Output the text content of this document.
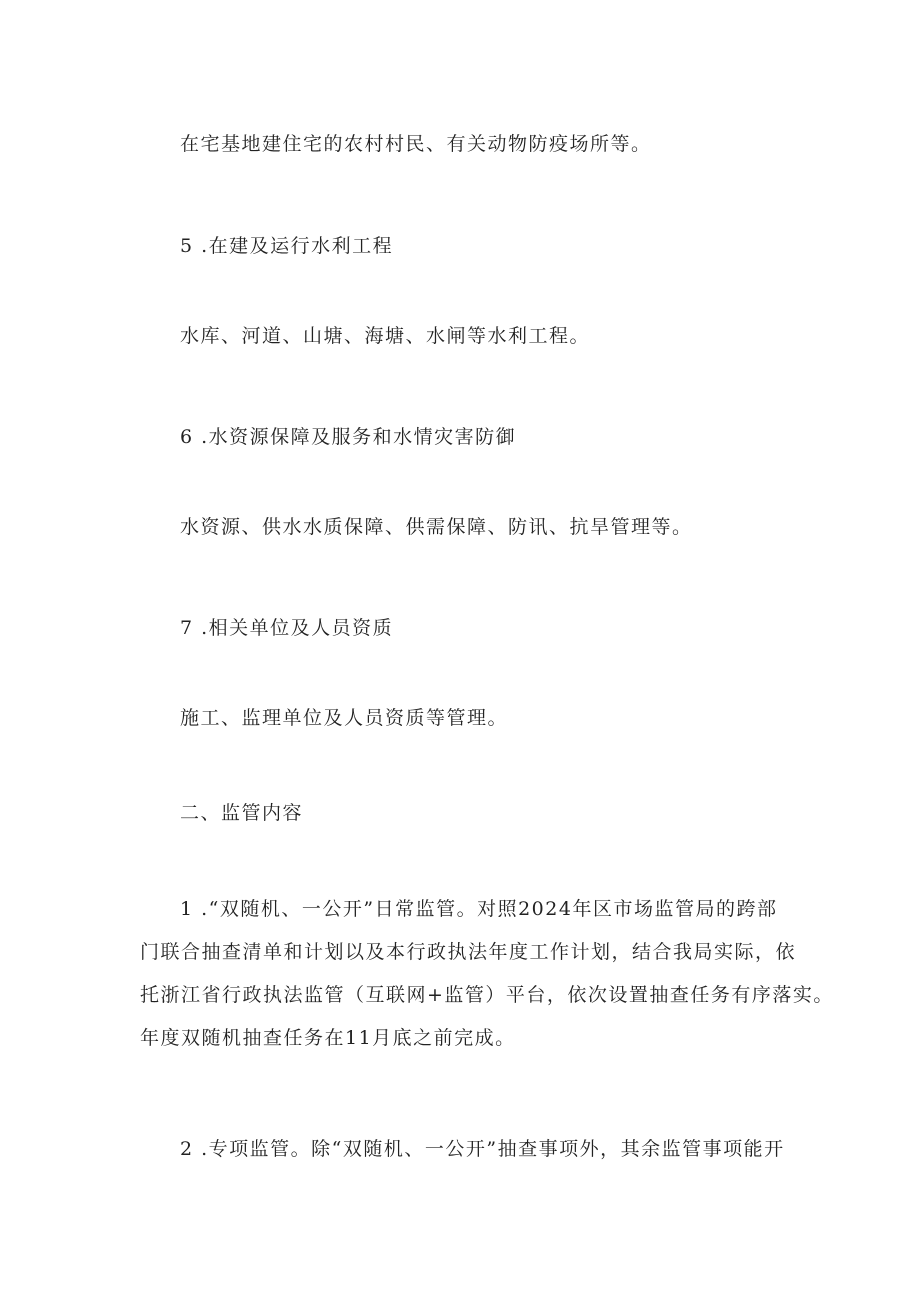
在宅基地建住宅的农村村民、有关动物防疫场所等。
5 .在建及运行水利工程
水库、河道、山塘、海塘、水闸等水利工程。
6 .水资源保障及服务和水情灾害防御
水资源、供水水质保障、供需保障、防讯、抗旱管理等。
7 .相关单位及人员资质
施工、监理单位及人员资质等管理。
二、监管内容
1 .“双随机、一公开”日常监管。对照2024年区市场监管局的跨部
门联合抽查清单和计划以及本行政执法年度工作计划，结合我局实际，依
托浙江省行政执法监管（互联网+监管）平台，依次设置抽查任务有序落实。
年度双随机抽查任务在11月底之前完成。
2 .专项监管。除“双随机、一公开”抽查事项外，其余监管事项能开
